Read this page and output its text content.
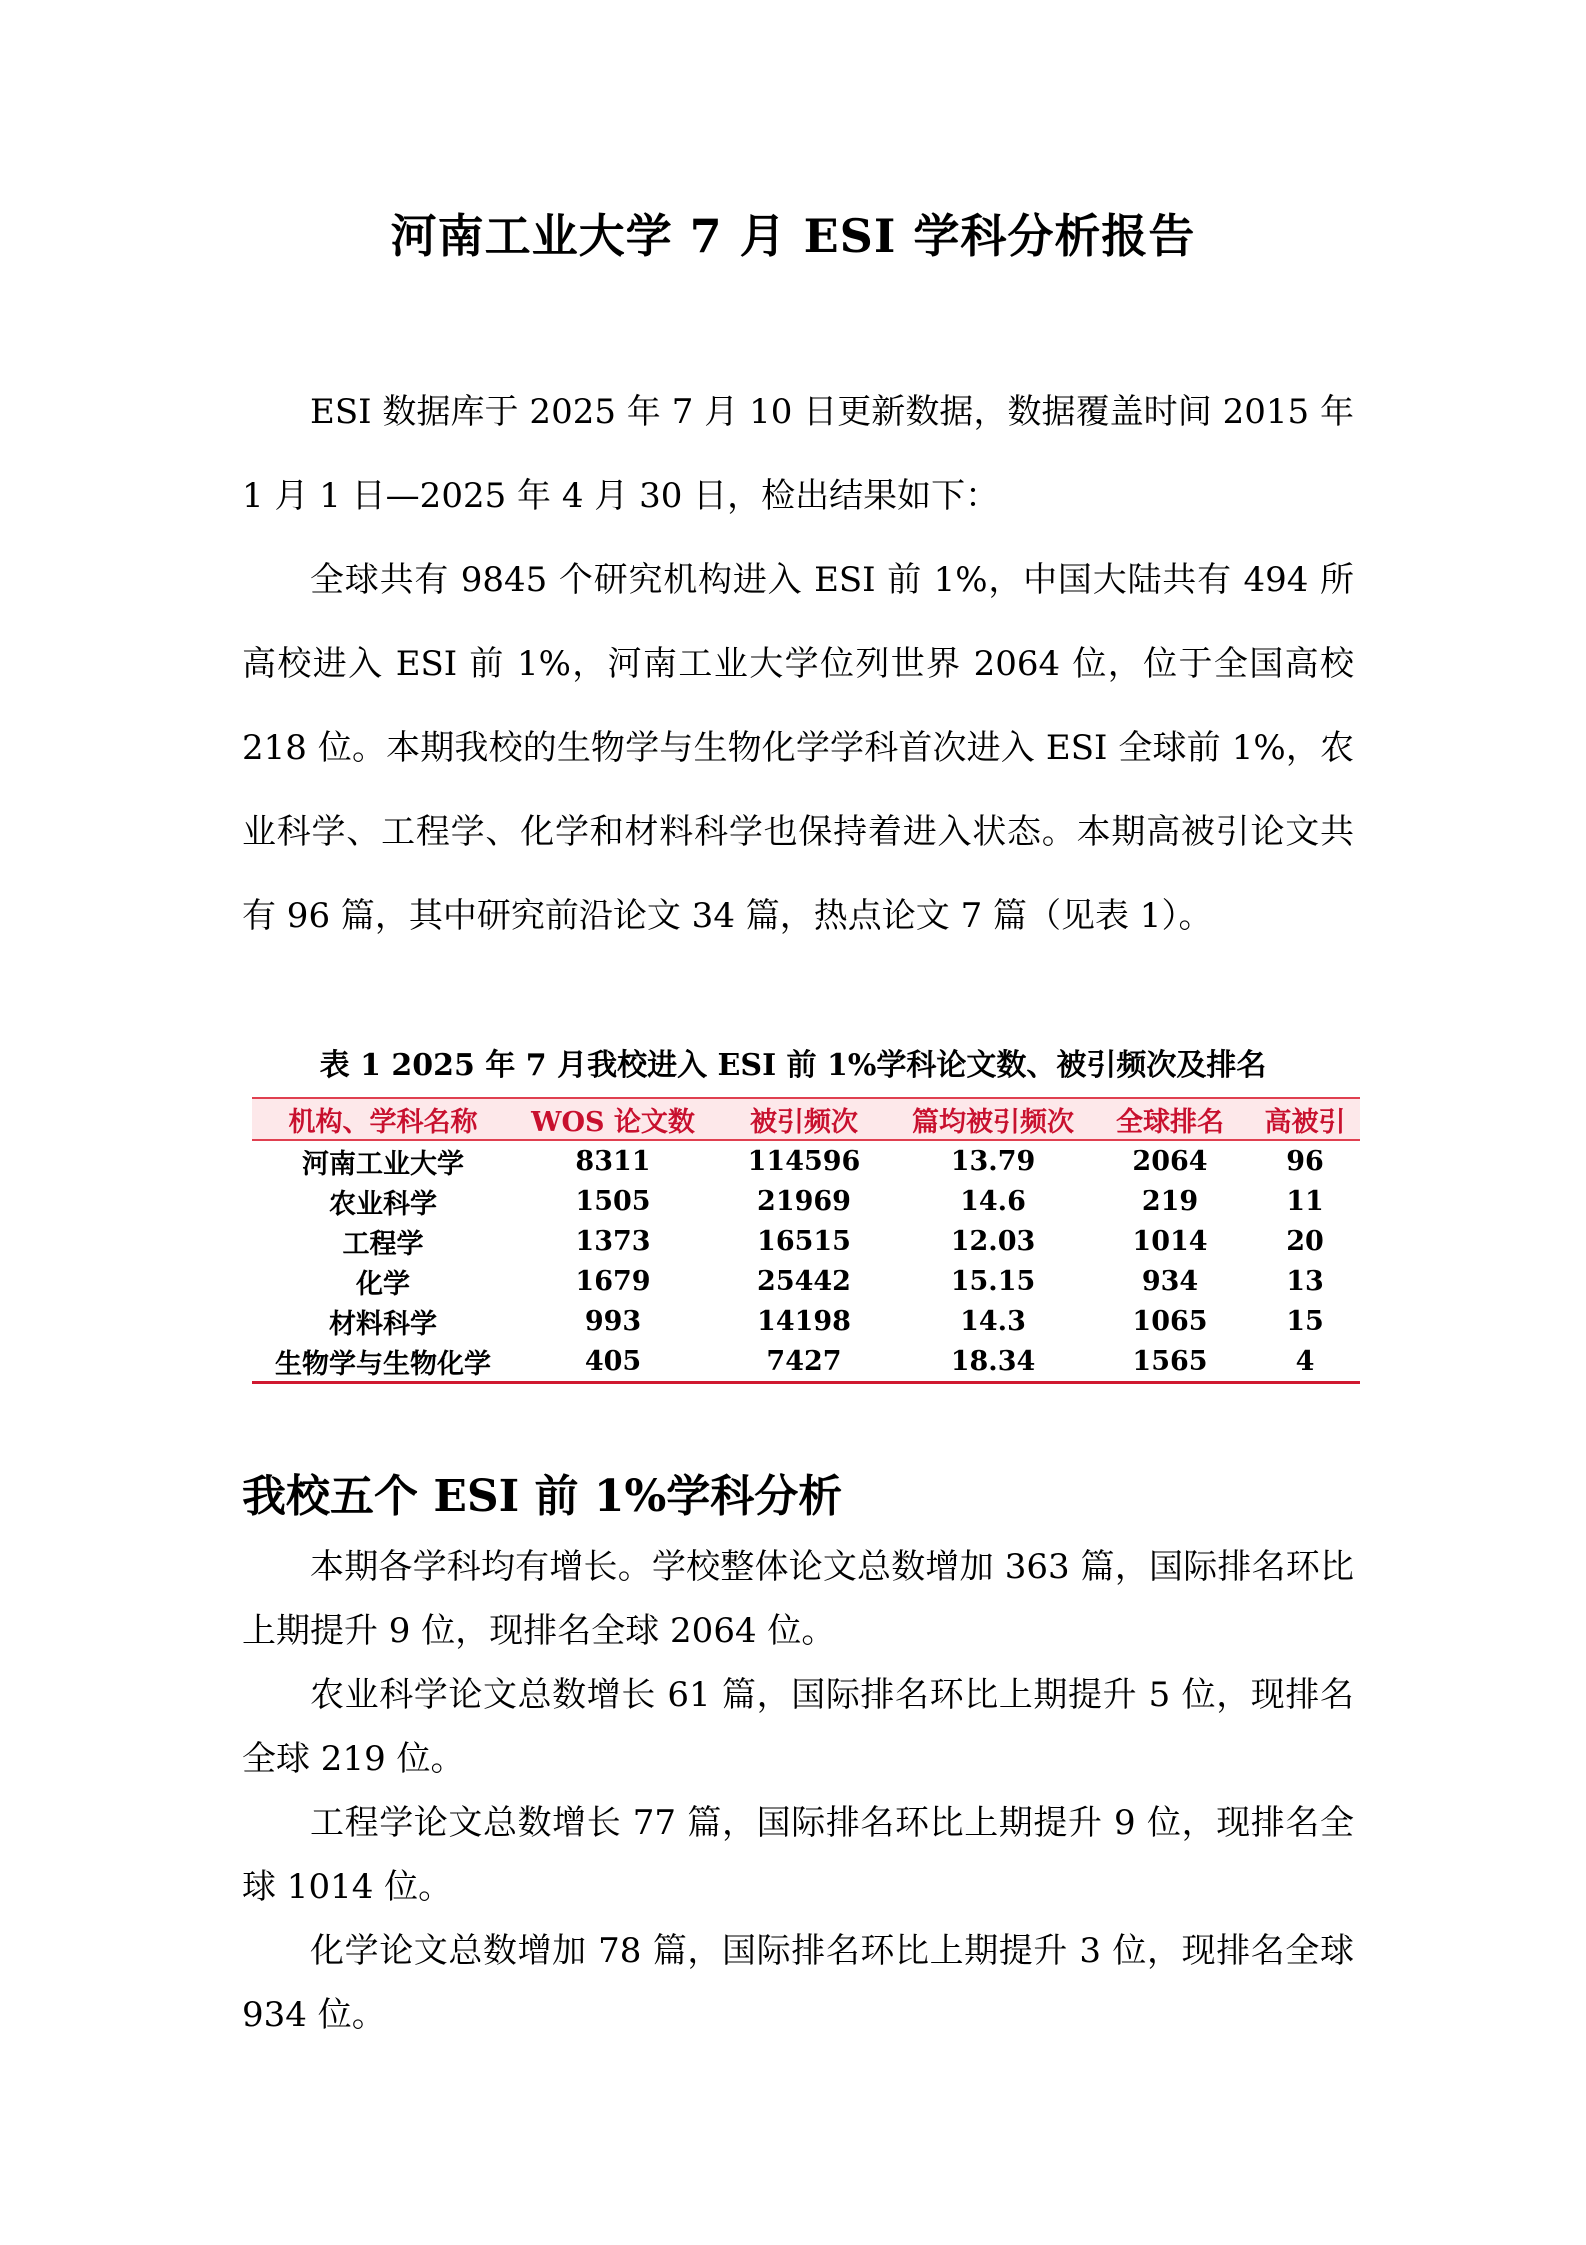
河南工业大学 7 月 ESI 学科分析报告

ESI 数据库于 2025 年 7 月 10 日更新数据，数据覆盖时间 2015 年 1 月 1 日—2025 年 4 月 30 日，检出结果如下：

全球共有 9845 个研究机构进入 ESI 前 1%，中国大陆共有 494 所高校进入 ESI 前 1%，河南工业大学位列世界 2064 位，位于全国高校 218 位。本期我校的生物学与生物化学学科首次进入 ESI 全球前 1%，农业科学、工程学、化学和材料科学也保持着进入状态。本期高被引论文共有 96 篇，其中研究前沿论文 34 篇，热点论文 7 篇（见表 1）。

表 1 2025 年 7 月我校进入 ESI 前 1%学科论文数、被引频次及排名
机构、学科名称	WOS 论文数	被引频次	篇均被引频次	全球排名	高被引
河南工业大学	8311	114596	13.79	2064	96
农业科学	1505	21969	14.6	219	11
工程学	1373	16515	12.03	1014	20
化学	1679	25442	15.15	934	13
材料科学	993	14198	14.3	1065	15
生物学与生物化学	405	7427	18.34	1565	4
我校五个 ESI 前 1%学科分析

本期各学科均有增长。学校整体论文总数增加 363 篇，国际排名环比上期提升 9 位，现排名全球 2064 位。

农业科学论文总数增长 61 篇，国际排名环比上期提升 5 位，现排名全球 219 位。

工程学论文总数增长 77 篇，国际排名环比上期提升 9 位，现排名全球 1014 位。

化学论文总数增加 78 篇，国际排名环比上期提升 3 位，现排名全球 934 位。
